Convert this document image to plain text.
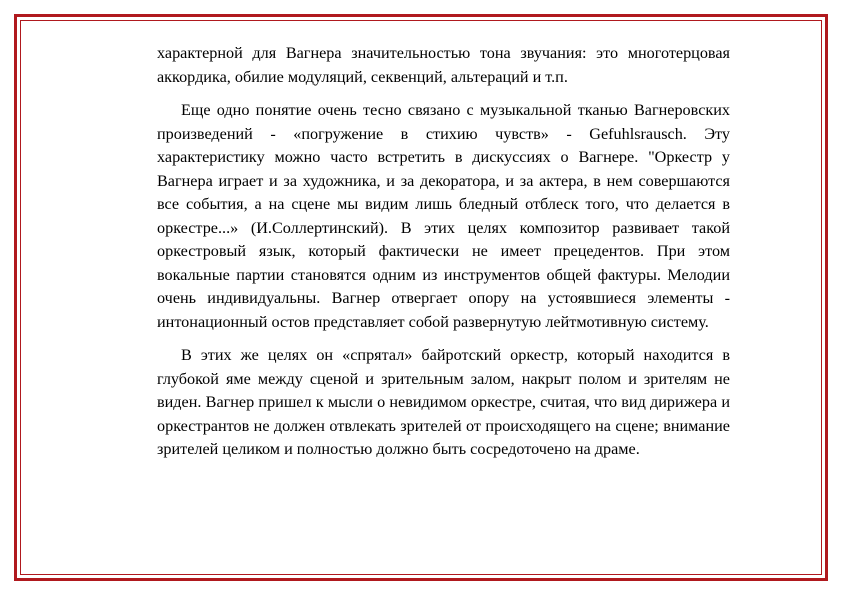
характерной для Вагнера значительностью тона звучания: это многотерцовая аккордика, обилие модуляций, секвенций, альтераций и т.п.

Еще одно понятие очень тесно связано с музыкальной тканью Вагнеровских произведений - «погружение в стихию чувств» - Gefuhlsrausch. Эту характеристику можно часто встретить в дискуссиях о Вагнере. "Оркестр у Вагнера играет и за художника, и за декоратора, и за актера, в нем совершаются все события, а на сцене мы видим лишь бледный отблеск того, что делается в оркестре...» (И.Соллертинский). В этих целях композитор развивает такой оркестровый язык, который фактически не имеет прецедентов. При этом вокальные партии становятся одним из инструментов общей фактуры. Мелодии очень индивидуальны. Вагнер отвергает опору на устоявшиеся элементы - интонационный остов представляет собой развернутую лейтмотивную систему.

В этих же целях он «спрятал» байротский оркестр, который находится в глубокой яме между сценой и зрительным залом, накрыт полом и зрителям не виден. Вагнер пришел к мысли о невидимом оркестре, считая, что вид дирижера и оркестрантов не должен отвлекать зрителей от происходящего на сцене; внимание зрителей целиком и полностью должно быть сосредоточено на драме.
